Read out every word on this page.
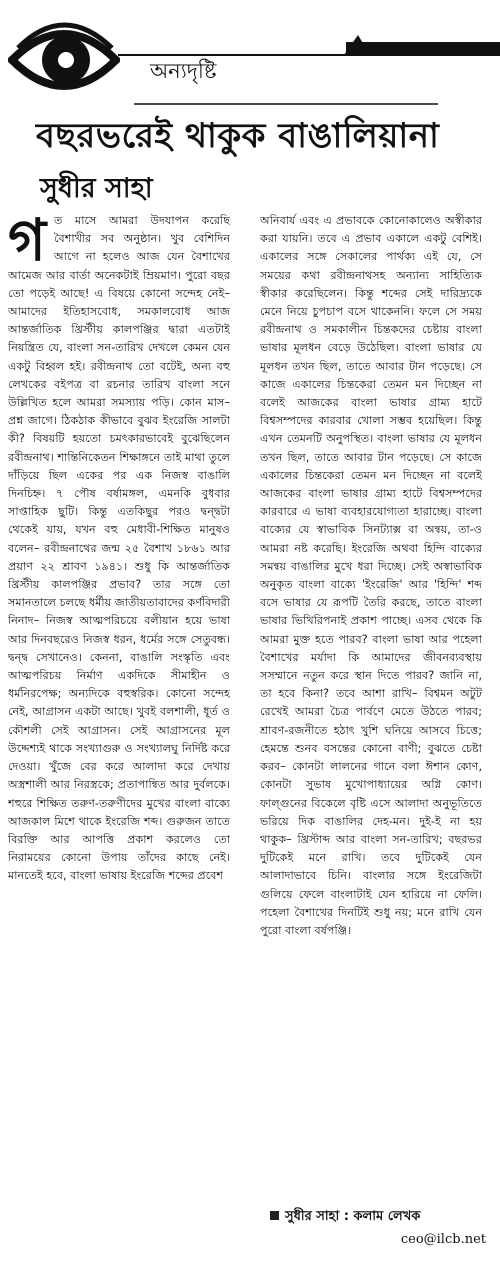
অন্যদৃষ্টি
বছরভরেই থাকুক বাঙালিয়ানা
সুধীর সাহা
গ ত মাসে আমরা উদযাপন করেছি বৈশাখীর সব অনুষ্ঠান। খুব বেশিদিন আগে না হলেও আজ যেন বৈশাখের আমেজ আর বার্তা অনেকটাই ম্রিয়মাণ। পুরো বছর তো পড়েই আছে! এ বিষয়ে কোনো সন্দেহ নেই– আমাদের ইতিহাসবোধ, সমকালবোধ আজ আন্তর্জাতিক খ্রিস্টীয় কালপঞ্জির দ্বারা এতটাই নিয়ন্ত্রিত যে, বাংলা সন-তারিখ দেখলে কেমন যেন একটু বিহ্বল হই। রবীন্দ্রনাথ তো বটেই, অন্য বহু লেখকের বইপত্র বা রচনার তারিখ বাংলা সনে উল্লিখিত হলে আমরা সমস্যায় পড়ি। কোন মাস–প্রশ্ন জাগে। ঠিকঠাক কীভাবে বুঝব ইংরেজি সালটা কী? বিষয়টি হয়তো চমৎকারভাবেই বুঝেছিলেন রবীন্দ্রনাথ। শান্তিনিকেতন শিক্ষাঙ্গনে তাই মাথা তুলে দাঁড়িয়ে ছিল একের পর এক নিজস্ব বাঙালি দিনচিহ্ন। ৭ পৌষ বর্ষামঙ্গল, এমনকি বুধবার সাপ্তাহিক ছুটি। কিন্তু এতকিছুর পরও দ্বন্দ্বটা থেকেই যায়, যখন বহু মেধাবী-শিক্ষিত মানুষও বলেন– রবীন্দ্রনাথের জন্ম ২৫ বৈশাখ ১৮৬১ আর প্রয়াণ ২২ শ্রাবণ ১৯৪১। শুধু কি আন্তর্জাতিক খ্রিস্টীয় কালপঞ্জির প্রভাব? তার সঙ্গে তো সমানতালে চলছে ধর্মীয় জাতীয়তাবাদের কর্ণবিদারী নিনাদ– নিজস্ব আত্মপরিচয়ে বলীয়ান হয়ে ভাষা আর দিনবছরেও নিজস্ব ধরন, ধর্মের সঙ্গে সেতুবন্ধ। দ্বন্দ্ব সেখানেও। কেননা, বাঙালি সংস্কৃতি এবং আত্মপরিচয় নির্মাণ একদিকে সীমাহীন ও ধর্মনিরপেক্ষ; অন্যদিকে বহুস্বরিক। কোনো সন্দেহ নেই, আগ্রাসন একটা আছে। খুবই বলশালী, ধূর্ত ও কৌশলী সেই আগ্রাসন। সেই আগ্রাসনের মূল উদ্দেশ্যই থাকে সংখ্যাগুরু ও সংখ্যালঘু নির্দিষ্ট করে দেওয়া। খুঁজে বের করে আলাদা করে দেখায় অস্ত্রশালী আর নিরস্ত্রকে; প্রতাপান্বিত আর দুর্বলকে। শহুরে শিক্ষিত তরুণ-তরুণীদের মুখের বাংলা বাক্যে আজকাল মিশে থাকে ইংরেজি শব্দ। গুরুজন তাতে বিরক্তি আর আপত্তি প্রকাশ করলেও তো নিরাময়ের কোনো উপায় তাঁদের কাছে নেই। মানতেই হবে, বাংলা ভাষায় ইংরেজি শব্দের প্রবেশ

অনিবার্য এবং এ প্রভাবকে কোনোকালেও অস্বীকার করা যায়নি। তবে এ প্রভাব একালে একটু বেশিই। একালের সঙ্গে সেকালের পার্থক্য এই যে, সে সময়ের কথা রবীন্দ্রনাথসহ অন্যান্য সাহিত্যিক স্বীকার করেছিলেন। কিন্তু শব্দের সেই দারিদ্র্যকে মেনে নিয়ে চুপচাপ বসে থাকেননি। ফলে সে সময় রবীন্দ্রনাথ ও সমকালীন চিন্তকদের চেষ্টায় বাংলা ভাষার মূলধন বেড়ে উঠেছিল। বাংলা ভাষার যে মূলধন তখন ছিল, তাতে আবার টান পড়েছে। সে কাজে একালের চিন্তকেরা তেমন মন দিচ্ছেন না বলেই আজকের বাংলা ভাষার গ্রাম্য হাটে বিশ্বসম্পদের কারবার খোলা সম্ভব হয়েছিল। কিন্তু এখন তেমনটি অনুপস্থিত। বাংলা ভাষার যে মূলধন তখন ছিল, তাতে আবার টান পড়েছে। সে কাজে একালের চিন্তকেরা তেমন মন দিচ্ছেন না বলেই আজকের বাংলা ভাষার গ্রাম্য হাটে বিশ্বসম্পদের কারবারে এ ভাষা ব্যবহারযোগ্যতা হারাচ্ছে। বাংলা বাক্যের যে স্বাভাবিক সিনট্যাক্স বা অন্বয়, তা-ও আমরা নষ্ট করেছি। ইংরেজি অথবা হিন্দি বাক্যের সমন্বয় বাঙালির মুখে ধরা দিচ্ছে। সেই অস্বাভাবিক অনুকৃত বাংলা বাক্যে 'ইংরেজি' আর 'হিন্দি' শব্দ বসে ভাষার যে রূপটি তৈরি করছে, তাতে বাংলা ভাষার ভিখিরিপনাই প্রকাশ পাচ্ছে। এসব থেকে কি আমরা মুক্ত হতে পারব? বাংলা ভাষা আর পহেলা বৈশাখের মর্যাদা কি আমাদের জীবনব্যবস্থায় সসম্মানে নতুন করে স্থান দিতে পারব? জানি না, তা হবে কিনা? তবে আশা রাখি– বিশ্বমন অটুট রেখেই আমরা চৈত্র পার্বণে মেতে উঠতে পারব; শ্রাবণ-রজনীতে হঠাৎ খুশি ঘনিয়ে আসবে চিত্তে; হেমন্তে শুনব বসন্তের কোনো বাণী; বুঝতে চেষ্টা করব– কোনটা লালনের গানে বলা ঈশান কোণ, কোনটা সুভাষ মুখোপাধ্যায়ের অগ্নি কোণ। ফাল্গুনের বিকেলে বৃষ্টি এসে আলাদা অনুভূতিতে ভরিয়ে দিক বাঙালির দেহ-মন। দুই-ই না হয় থাকুক– খ্রিস্টাব্দ আর বাংলা সন-তারিখ; বছরভর দুটিকেই মনে রাখি। তবে দুটিকেই যেন আলাদাভাবে চিনি। বাংলার সঙ্গে ইংরেজিটা গুলিয়ে ফেলে বাংলাটাই যেন হারিয়ে না ফেলি। পহেলা বৈশাখের দিনটিই শুধু নয়; মনে রাখি যেন পুরো বাংলা বর্ষপঞ্জি।

সুধীর সাহা : কলাম লেখক
ceo@ilcb.net
